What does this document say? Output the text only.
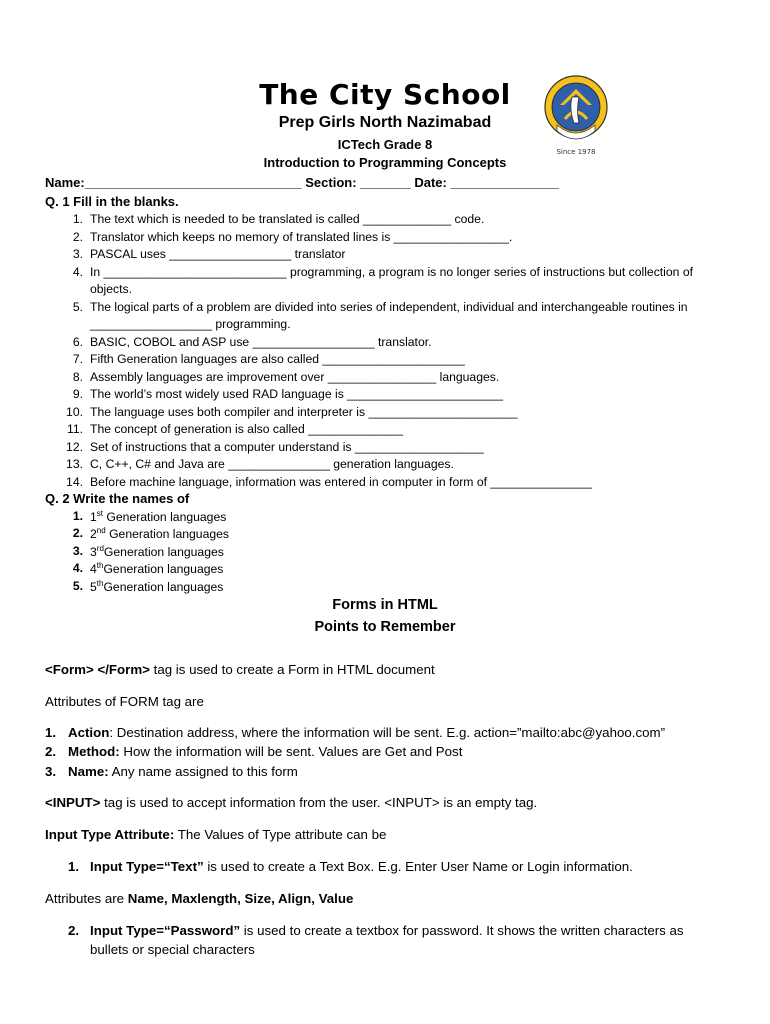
The City School
Prep Girls North Nazimabad
ICTech Grade 8
Introduction to Programming Concepts
Since 1978
Name:______________________________ Section: _______ Date: _______________
Q. 1 Fill in the blanks.
1. The text which is needed to be translated is called _____________ code.
2. Translator which keeps no memory of translated lines is _________________.
3. PASCAL uses __________________ translator
4. In ___________________________ programming, a program is no longer series of instructions but collection of
objects.
5. The logical parts of a problem are divided into series of independent, individual and interchangeable routines in
__________________ programming.
6. BASIC, COBOL and ASP use __________________ translator.
7. Fifth Generation languages are also called _____________________
8. Assembly languages are improvement over ________________ languages.
9. The world’s most widely used RAD language is _______________________
10. The language uses both compiler and interpreter is ______________________
11. The concept of generation is also called ______________
12. Set of instructions that a computer understand is ___________________
13. C, C++, C# and Java are _______________ generation languages.
14. Before machine language, information was entered in computer in form of _______________
Q. 2 Write the names of
1. 1st Generation languages
2. 2nd Generation languages
3. 3rdGeneration languages
4. 4thGeneration languages
5. 5thGeneration languages
Forms in HTML
Points to Remember
<Form> </Form> tag is used to create a Form in HTML document
Attributes of FORM tag are
1. Action: Destination address, where the information will be sent. E.g. action=”mailto:abc@yahoo.com”
2. Method: How the information will be sent. Values are Get and Post
3. Name: Any name assigned to this form
<INPUT> tag is used to accept information from the user. <INPUT> is an empty tag.
Input Type Attribute: The Values of Type attribute can be
1. Input Type=“Text” is used to create a Text Box. E.g. Enter User Name or Login information.
Attributes are Name, Maxlength, Size, Align, Value
2. Input Type=“Password” is used to create a textbox for password. It shows the written characters as
bullets or special characters
